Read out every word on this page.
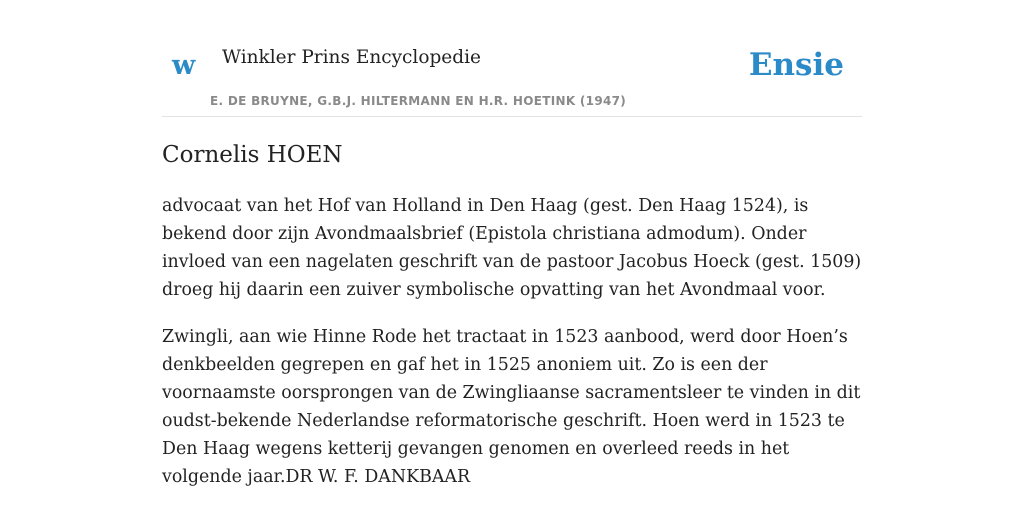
w Winkler Prins Encyclopedie
E. DE BRUYNE, G.B.J. HILTERMANN EN H.R. HOETINK (1947)
Ensie
Cornelis HOEN

advocaat van het Hof van Holland in Den Haag (gest. Den Haag 1524), is bekend door zijn Avondmaalsbrief (Epistola christiana admodum). Onder invloed van een nagelaten geschrift van de pastoor Jacobus Hoeck (gest. 1509) droeg hij daarin een zuiver symbolische opvatting van het Avondmaal voor.

Zwingli, aan wie Hinne Rode het tractaat in 1523 aanbood, werd door Hoen’s denkbeelden gegrepen en gaf het in 1525 anoniem uit. Zo is een der voornaamste oorsprongen van de Zwingliaanse sacramentsleer te vinden in dit oudst-bekende Nederlandse reformatorische geschrift. Hoen werd in 1523 te Den Haag wegens ketterij gevangen genomen en overleed reeds in het volgende jaar.DR W. F. DANKBAAR
